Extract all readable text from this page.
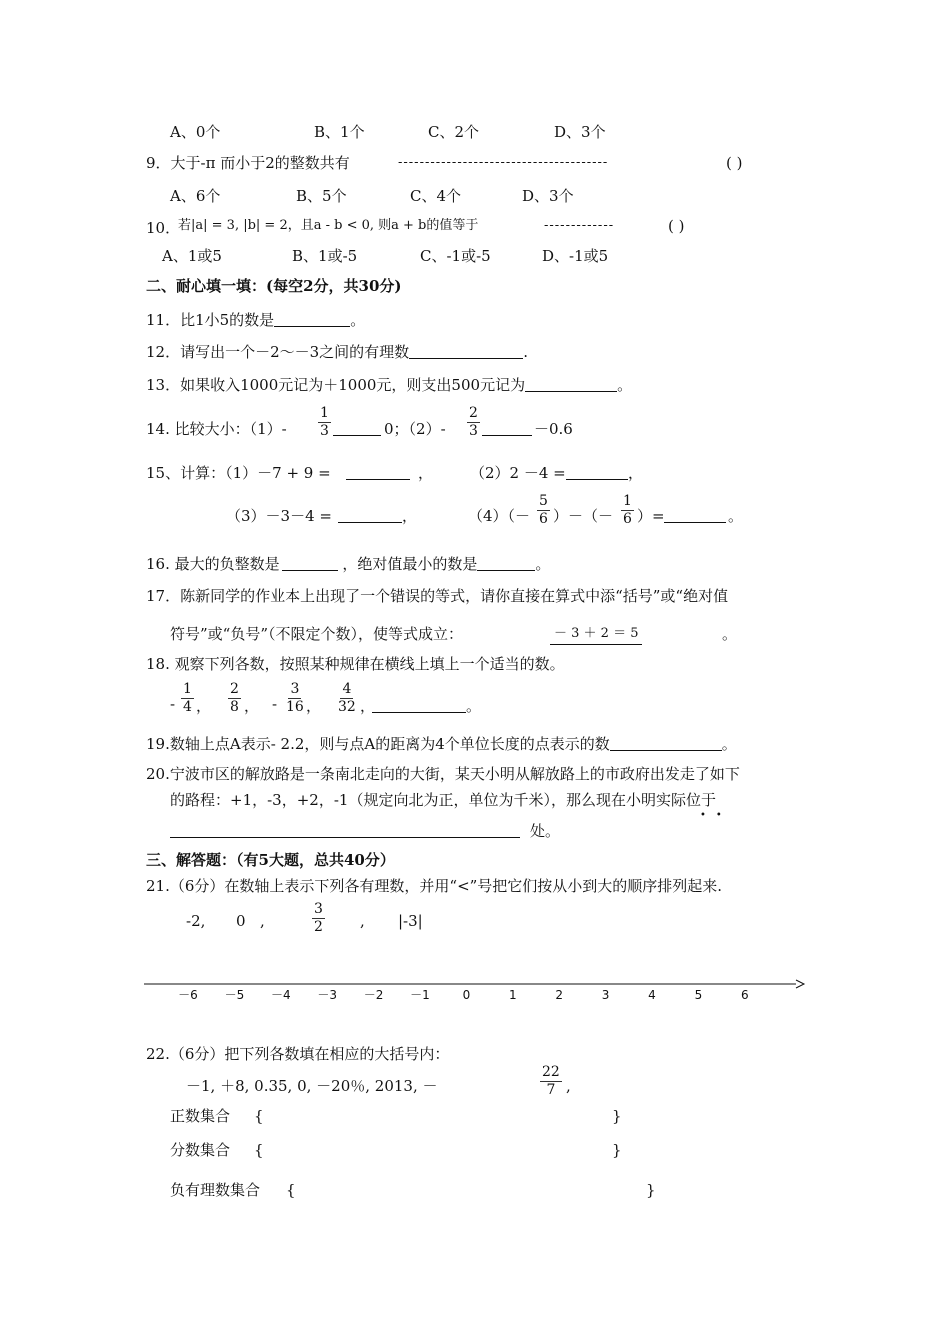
A、0个	B、1个	C、2个	D、3个
9．大于-π 而小于2的整数共有	---------------------------------------	( )
A、6个	B、5个	C、4个	D、3个
10．
若|a| = 3, |b| = 2，且a - b < 0, 则a + b的值等于	-------------	( )
A、1或5	B、1或-5	C、-1或-5	D、-1或5
二、耐心填一填：(每空2分，共30分)
11．比1小5的数是	。
12．请写出一个－2～－3之间的有理数	.
13．如果收入1000元记为＋1000元，则支出500元记为	。
14. 比较大小：$(1)- \frac{1}{3}$	0；$(2)- \frac{2}{3}$	－0.6
15、计算：（1）－7 + 9 =	， （2）2 －4 =	，
（3）－3－4 =	，	$(4)(- \frac{5}{6}$ ）－（－ $\frac{1}{6}$ ）=	。
16. 最大的负整数是	，绝对值最小的数是	。
17．陈新同学的作业本上出现了一个错误的等式，请你直接在算式中添“括号”或“绝对值
符号”或“负号”（不限定个数），使等式成立：	－ 3 ＋ 2 ＝ 5	。
18. 观察下列各数，按照某种规律在横线上填上一个适当的数。
- $\frac{1}{4}$ ， $\frac{2}{8}$ ， - $\frac{3}{16}$ ， $\frac{4}{32}$ ，	。
19.数轴上点A表示- 2.2，则与点A的距离为4个单位长度的点表示的数	。
20.宁波市区的解放路是一条南北走向的大街，某天小明从解放路上的市政府出发走了如下
的路程：+1，-3，+2，-1（规定向北为正，单位为千米），那么现在小明实际位于
••
处。
三、解答题：（有5大题，总共40分）
21.（6分）在数轴上表示下列各有理数，并用“<”号把它们按从小到大的顺序排列起来.
-2, 0 ,	$\frac{3}{2}$ , |-3|
－6 －5 －4 －3 －2 －1	0	1	2	3	4	5	6
22.（6分）把下列各数填在相应的大括号内：
－1, ＋8, 0.35, 0, －20％, 2013, －	$\frac{22}{7}$ ,
正数集合 {	}
分数集合 {	}
负有理数集合 {	}
